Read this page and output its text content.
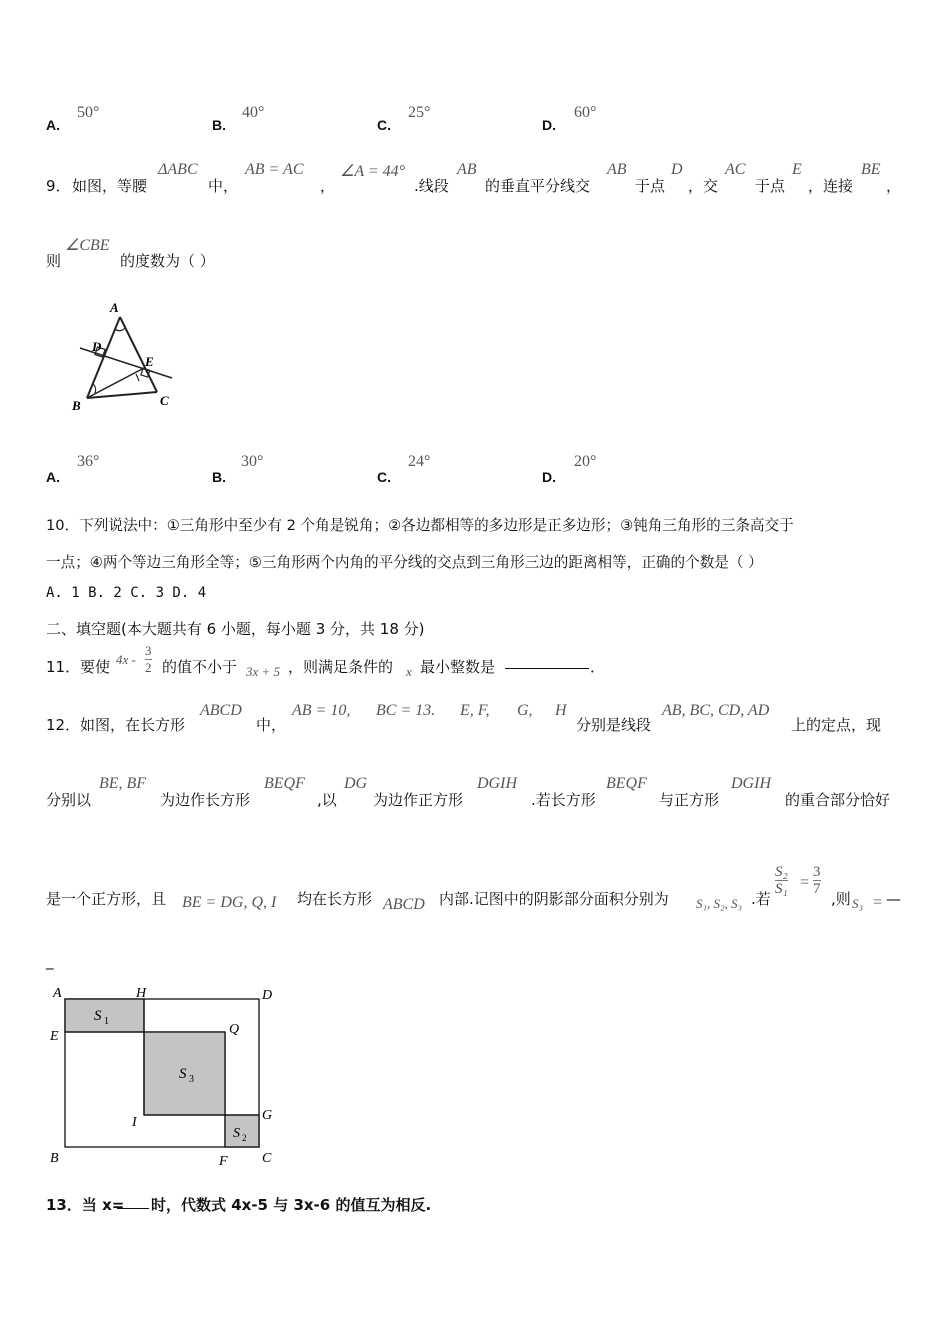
A.
50°
B.
40°
C.
25°
D.
60°
9． 如图，等腰
ΔABC
中，
AB = AC
，
∠A = 44°
.线段
AB
的垂直平分线交
AB
于点
D
，交
AC
于点
E
，连接
BE
，
则
∠CBE
的度数为（ ）
A
B	C
D
E
A.
36°
B.
30°
C.
24°
D.
20°
10．下列说法中：①三角形中至少有 2 个角是锐角；②各边都相等的多边形是正多边形；③钝角三角形的三条高交于
一点；④两个等边三角形全等；⑤三角形两个内角的平分线的交点到三角形三边的距离相等，正确的个数是（ ）
A. 1 B. 2 C. 3 D. 4
二、填空题(本大题共有 6 小题，每小题 3 分，共 18 分)
11． 要使 $4x - \frac{3}{2}$ 的值不小于 3x + 5 ，则满足条件的 x 最小整数是	．
12． 如图，在长方形
ABCD
中，
AB = 10, BC = 13. E, F, G, H
分别是线段
AB, BC, CD, AD
上的定点，现
分别以
BE, BF
为边作长方形
BEQF
,以
DG
为边作正方形
DGIH
.若长方形
BEQF
与正方形
DGIH
的重合部分恰好
是一个正方形，且 BE = DG, Q, I 均在长方形 ABCD 内部.记图中的阴影部分面积分别为 S₁, S₂, S₃ .若
$\frac{\text{S₂}}{\text{S₁}} = \frac{3}{7}$
,则 S₃ = —
_
A	H	D
E	Q
I	G
B	F C
S 1
S 3
S 2
13．当 x= 时，代数式 4x-5 与 3x-6 的值互为相反.
